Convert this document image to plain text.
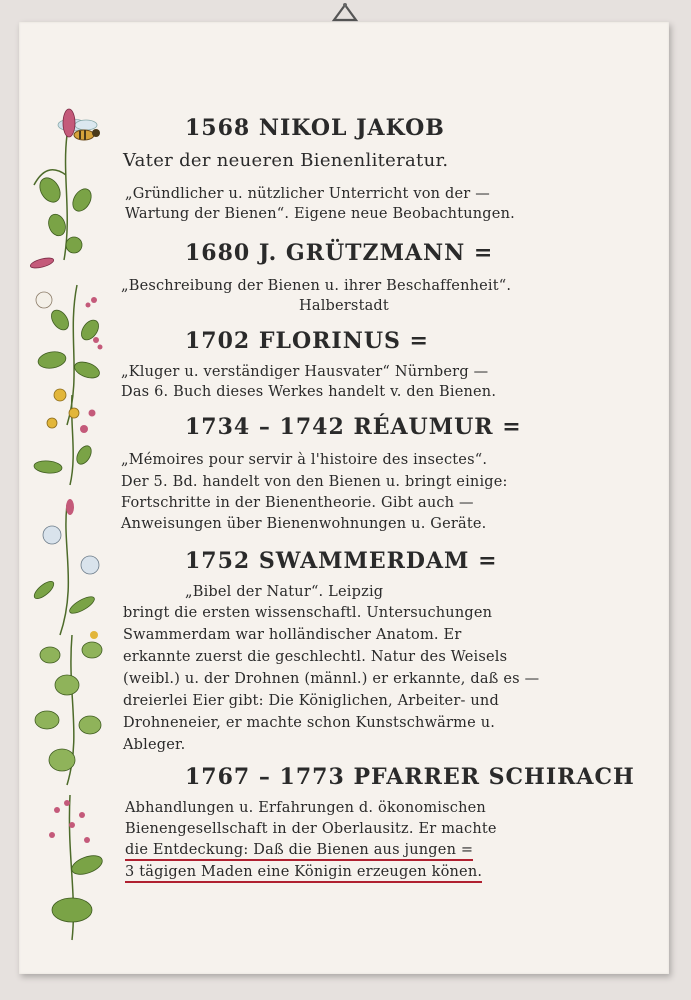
1568 NIKOL JAKOB
Vater der neueren Bienenliteratur.
„Gründlicher u. nützlicher Unterricht von der —
Wartung der Bienen“. Eigene neue Beobachtungen.
1680 J. GRÜTZMANN =
„Beschreibung der Bienen u. ihrer Beschaffenheit“.
Halberstadt
1702 FLORINUS =
„Kluger u. verständiger Hausvater“ Nürnberg —
Das 6. Buch dieses Werkes handelt v. den Bienen.
1734 – 1742 RÉAUMUR =
„Mémoires pour servir à l'histoire des insectes“.
Der 5. Bd. handelt von den Bienen u. bringt einige:
Fortschritte in der Bienentheorie. Gibt auch —
Anweisungen über Bienenwohnungen u. Geräte.
1752 SWAMMERDAM =
„Bibel der Natur“. Leipzig
bringt die ersten wissenschaftl. Untersuchungen
Swammerdam war holländischer Anatom. Er
erkannte zuerst die geschlechtl. Natur des Weisels
(weibl.) u. der Drohnen (männl.) er erkannte, daß es —
dreierlei Eier gibt: Die Königlichen, Arbeiter- und
Drohneneier, er machte schon Kunstschwärme u.
Ableger.
1767 – 1773 PFARRER SCHIRACH
Abhandlungen u. Erfahrungen d. ökonomischen
Bienengesellschaft in der Oberlausitz. Er machte
die Entdeckung: Daß die Bienen aus jungen =
3 tägigen Maden eine Königin erzeugen könen.
